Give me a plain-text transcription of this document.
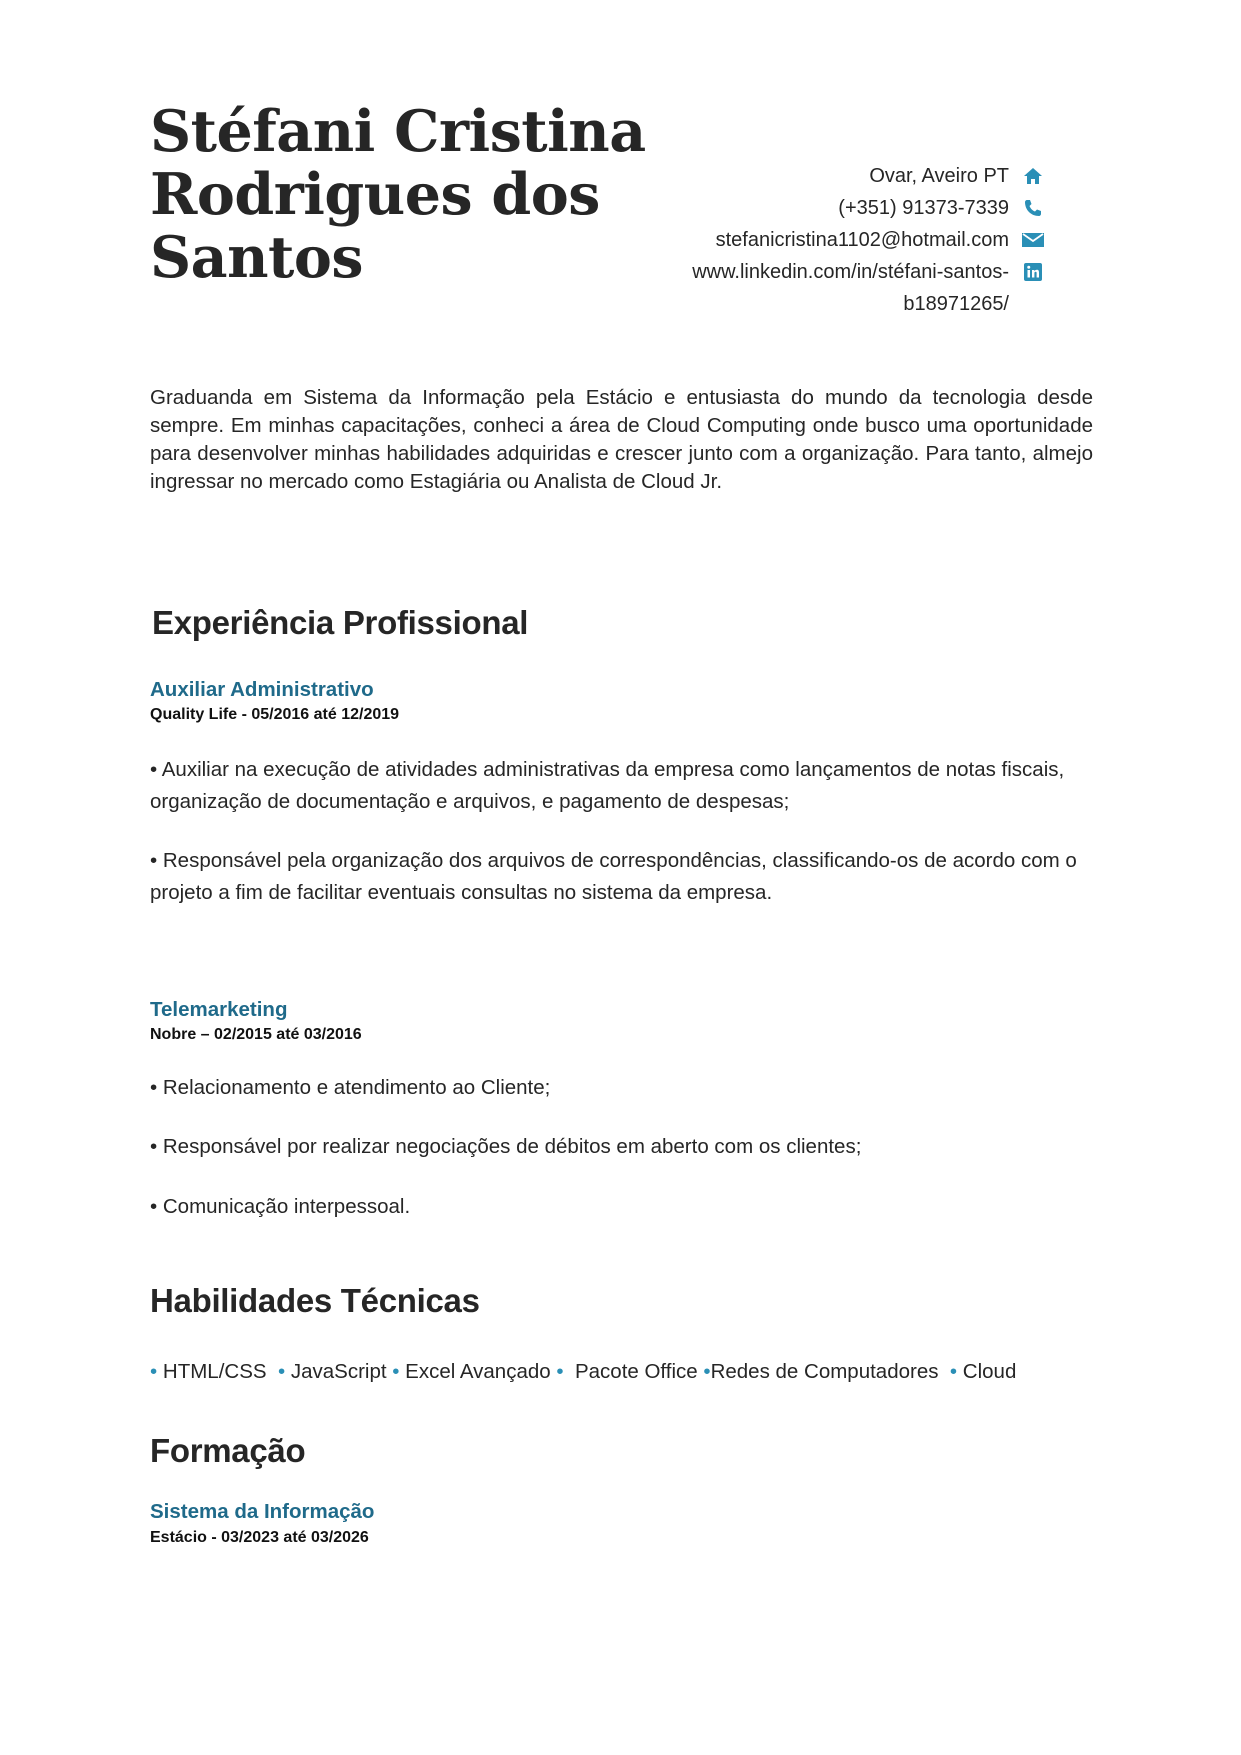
Stéfani Cristina
Rodrigues dos
Santos
Ovar, Aveiro PT
(+351) 91373-7339
stefanicristina1102@hotmail.com
www.linkedin.com/in/stéfani-santos-b18971265/
Graduanda em Sistema da Informação pela Estácio e entusiasta do mundo da tecnologia desde sempre. Em minhas capacitações, conheci a área de Cloud Computing onde busco uma oportunidade para desenvolver minhas habilidades adquiridas e crescer junto com a organização. Para tanto, almejo ingressar no mercado como Estagiária ou Analista de Cloud Jr.
Experiência Profissional
Auxiliar Administrativo
Quality Life - 05/2016 até 12/2019
• Auxiliar na execução de atividades administrativas da empresa como lançamentos de notas fiscais, organização de documentação e arquivos, e pagamento de despesas;
• Responsável pela organização dos arquivos de correspondências, classificando-os de acordo com o projeto a fim de facilitar eventuais consultas no sistema da empresa.
Telemarketing
Nobre – 02/2015 até 03/2016
• Relacionamento e atendimento ao Cliente;
• Responsável por realizar negociações de débitos em aberto com os clientes;
• Comunicação interpessoal.
Habilidades Técnicas
• HTML/CSS • JavaScript • Excel Avançado • Pacote Office •Redes de Computadores • Cloud
Formação
Sistema da Informação
Estácio - 03/2023 até 03/2026
